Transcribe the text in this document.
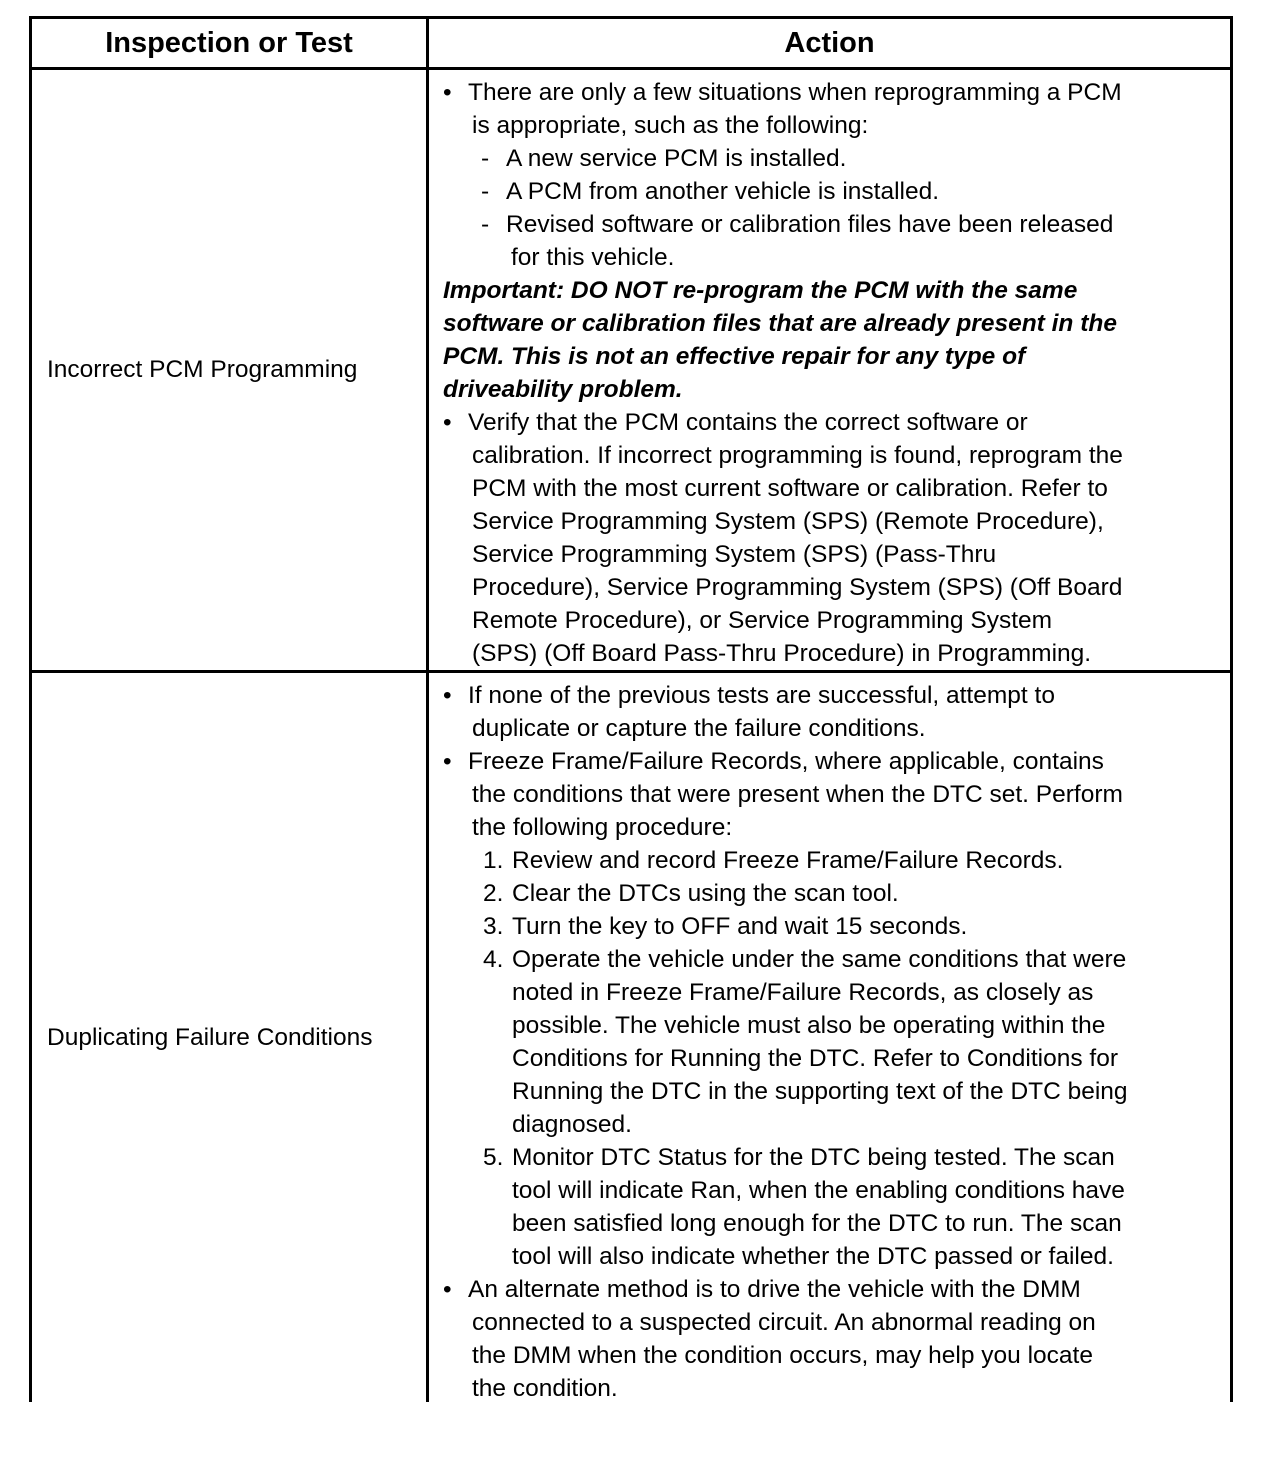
Inspection or Test	Action
Incorrect PCM Programming
• There are only a few situations when reprogramming a PCM
is appropriate, such as the following:
- A new service PCM is installed.
- A PCM from another vehicle is installed.
- Revised software or calibration files have been released
for this vehicle.
Important: DO NOT re-program the PCM with the same
software or calibration files that are already present in the
PCM. This is not an effective repair for any type of
driveability problem.
• Verify that the PCM contains the correct software or
calibration. If incorrect programming is found, reprogram the
PCM with the most current software or calibration. Refer to
Service Programming System (SPS) (Remote Procedure),
Service Programming System (SPS) (Pass-Thru
Procedure), Service Programming System (SPS) (Off Board
Remote Procedure), or Service Programming System
(SPS) (Off Board Pass-Thru Procedure) in Programming.
Duplicating Failure Conditions
• If none of the previous tests are successful, attempt to
duplicate or capture the failure conditions.
• Freeze Frame/Failure Records, where applicable, contains
the conditions that were present when the DTC set. Perform
the following procedure:
1. Review and record Freeze Frame/Failure Records.
2. Clear the DTCs using the scan tool.
3. Turn the key to OFF and wait 15 seconds.
4. Operate the vehicle under the same conditions that were
noted in Freeze Frame/Failure Records, as closely as
possible. The vehicle must also be operating within the
Conditions for Running the DTC. Refer to Conditions for
Running the DTC in the supporting text of the DTC being
diagnosed.
5. Monitor DTC Status for the DTC being tested. The scan
tool will indicate Ran, when the enabling conditions have
been satisfied long enough for the DTC to run. The scan
tool will also indicate whether the DTC passed or failed.
• An alternate method is to drive the vehicle with the DMM
connected to a suspected circuit. An abnormal reading on
the DMM when the condition occurs, may help you locate
the condition.
